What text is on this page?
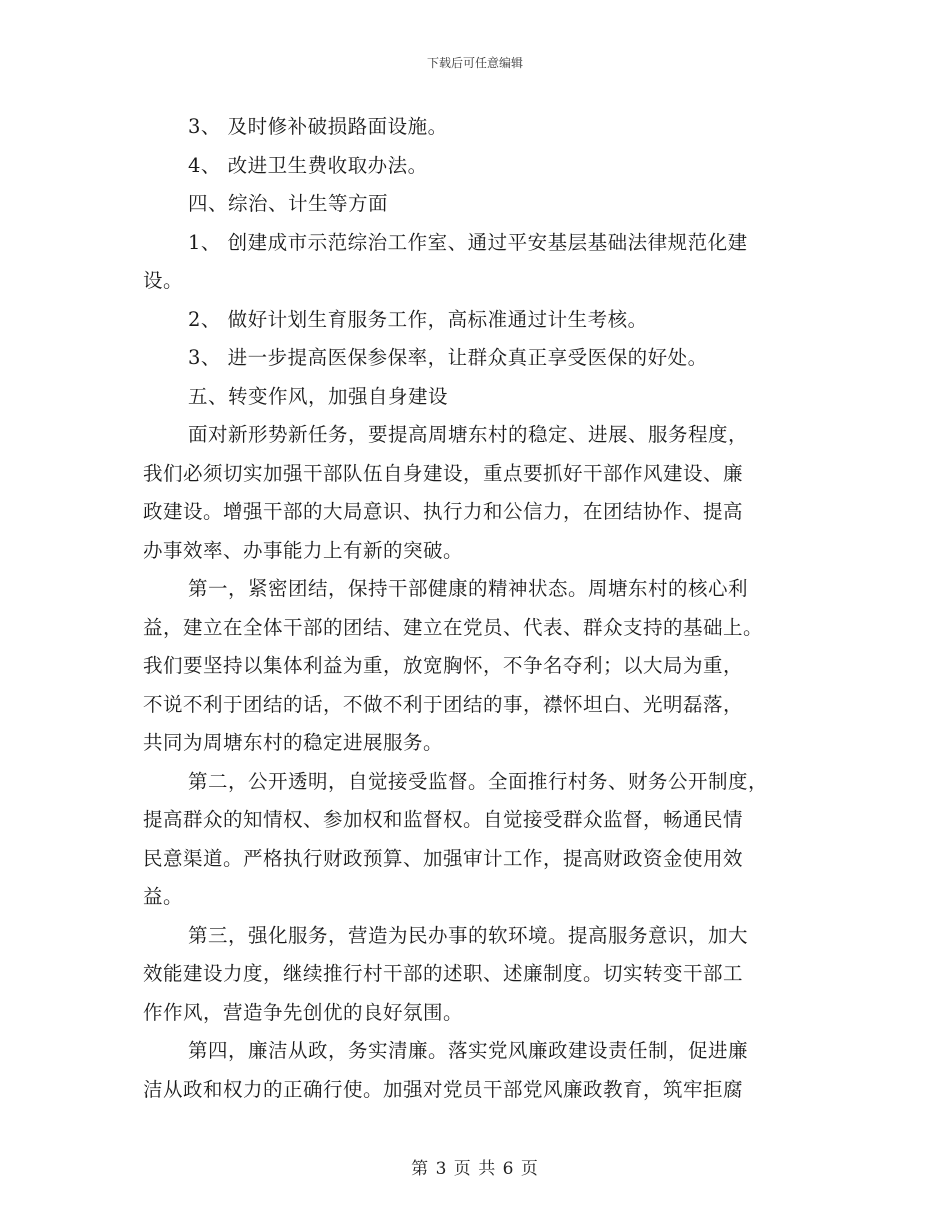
下载后可任意编辑
3、 及时修补破损路面设施。
4、 改进卫生费收取办法。
四、综治、计生等方面
1、 创建成市示范综治工作室、通过平安基层基础法律规范化建
设。
2、 做好计划生育服务工作，高标准通过计生考核。
3、 进一步提高医保参保率，让群众真正享受医保的好处。
五、转变作风，加强自身建设
面对新形势新任务，要提高周塘东村的稳定、进展、服务程度，
我们必须切实加强干部队伍自身建设，重点要抓好干部作风建设、廉
政建设。增强干部的大局意识、执行力和公信力，在团结协作、提高
办事效率、办事能力上有新的突破。
第一，紧密团结，保持干部健康的精神状态。周塘东村的核心利
益，建立在全体干部的团结、建立在党员、代表、群众支持的基础上。
我们要坚持以集体利益为重，放宽胸怀，不争名夺利；以大局为重，
不说不利于团结的话，不做不利于团结的事，襟怀坦白、光明磊落，
共同为周塘东村的稳定进展服务。
第二，公开透明，自觉接受监督。全面推行村务、财务公开制度，
提高群众的知情权、参加权和监督权。自觉接受群众监督，畅通民情
民意渠道。严格执行财政预算、加强审计工作，提高财政资金使用效
益。
第三，强化服务，营造为民办事的软环境。提高服务意识，加大
效能建设力度，继续推行村干部的述职、述廉制度。切实转变干部工
作作风，营造争先创优的良好氛围。
第四，廉洁从政，务实清廉。落实党风廉政建设责任制，促进廉
洁从政和权力的正确行使。加强对党员干部党风廉政教育，筑牢拒腐
第 3 页 共 6 页
